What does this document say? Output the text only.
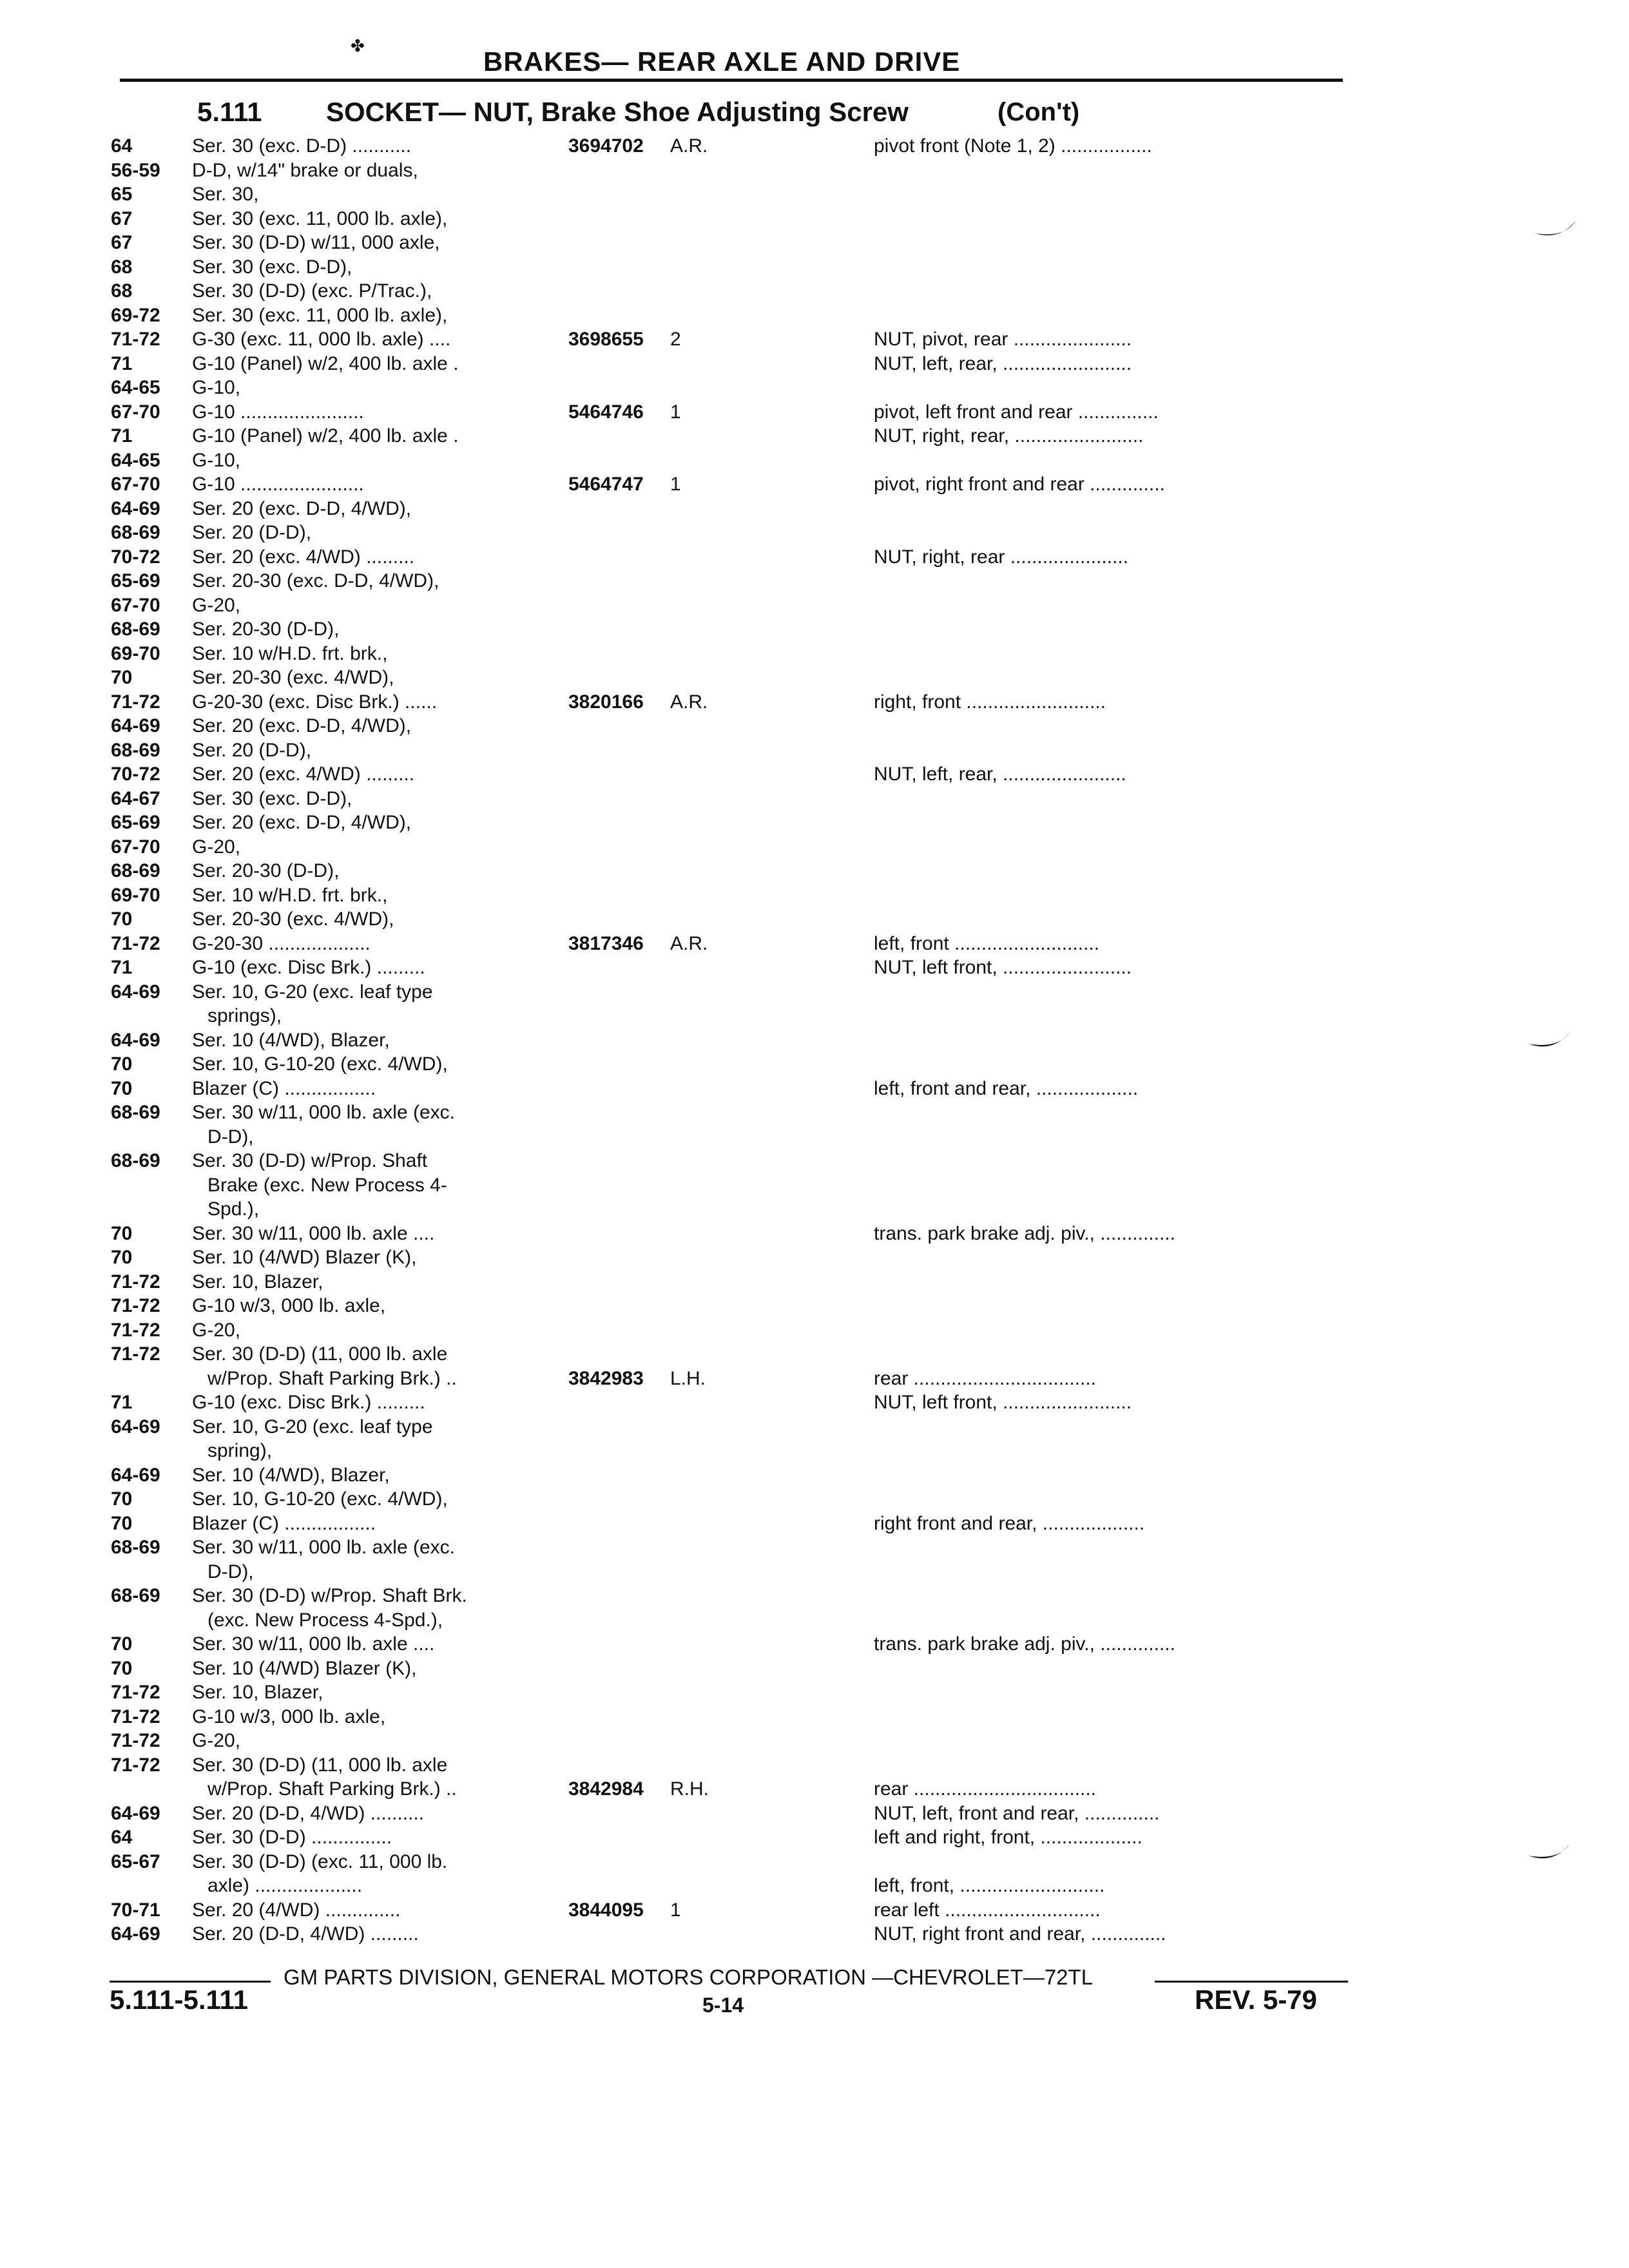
✤
BRAKES— REAR AXLE AND DRIVE
5.111 SOCKET— NUT, Brake Shoe Adjusting Screw	(Con't)
64	Ser. 30 (exc. D-D) ...........	3694702 A.R.	pivot front (Note 1, 2) .................
56-59	D-D, w/14" brake or duals,
65	Ser. 30,
67	Ser. 30 (exc. 11, 000 lb. axle),
67	Ser. 30 (D-D) w/11, 000 axle,
68	Ser. 30 (exc. D-D),
68	Ser. 30 (D-D) (exc. P/Trac.),
69-72	Ser. 30 (exc. 11, 000 lb. axle),
71-72	G-30 (exc. 11, 000 lb. axle) ....	3698655 2	NUT, pivot, rear ......................
71	G-10 (Panel) w/2, 400 lb. axle .	NUT, left, rear, ........................
64-65	G-10,
67-70	G-10 .......................	5464746 1	pivot, left front and rear ...............
71	G-10 (Panel) w/2, 400 lb. axle .	NUT, right, rear, ........................
64-65	G-10,
67-70	G-10 .......................	5464747 1	pivot, right front and rear ..............
64-69	Ser. 20 (exc. D-D, 4/WD),
68-69	Ser. 20 (D-D),
70-72	Ser. 20 (exc. 4/WD) .........	NUT, right, rear ......................
65-69	Ser. 20-30 (exc. D-D, 4/WD),
67-70	G-20,
68-69	Ser. 20-30 (D-D),
69-70	Ser. 10 w/H.D. frt. brk.,
70	Ser. 20-30 (exc. 4/WD),
71-72	G-20-30 (exc. Disc Brk.) ......	3820166 A.R.	right, front ..........................
64-69	Ser. 20 (exc. D-D, 4/WD),
68-69	Ser. 20 (D-D),
70-72	Ser. 20 (exc. 4/WD) .........	NUT, left, rear, .......................
64-67	Ser. 30 (exc. D-D),
65-69	Ser. 20 (exc. D-D, 4/WD),
67-70	G-20,
68-69	Ser. 20-30 (D-D),
69-70	Ser. 10 w/H.D. frt. brk.,
70	Ser. 20-30 (exc. 4/WD),
71-72	G-20-30 ...................	3817346 A.R.	left, front ...........................
71	G-10 (exc. Disc Brk.) .........	NUT, left front, ........................
64-69	Ser. 10, G-20 (exc. leaf type
springs),
64-69	Ser. 10 (4/WD), Blazer,
70	Ser. 10, G-10-20 (exc. 4/WD),
70	Blazer (C) .................	left, front and rear, ...................
68-69	Ser. 30 w/11, 000 lb. axle (exc.
D-D),
68-69	Ser. 30 (D-D) w/Prop. Shaft
Brake (exc. New Process 4-
Spd.),
70	Ser. 30 w/11, 000 lb. axle ....	trans. park brake adj. piv., ..............
70	Ser. 10 (4/WD) Blazer (K),
71-72	Ser. 10, Blazer,
71-72	G-10 w/3, 000 lb. axle,
71-72	G-20,
71-72	Ser. 30 (D-D) (11, 000 lb. axle
w/Prop. Shaft Parking Brk.) ..	3842983 L.H.	rear ..................................
71	G-10 (exc. Disc Brk.) .........	NUT, left front, ........................
64-69	Ser. 10, G-20 (exc. leaf type
spring),
64-69	Ser. 10 (4/WD), Blazer,
70	Ser. 10, G-10-20 (exc. 4/WD),
70	Blazer (C) .................	right front and rear, ...................
68-69	Ser. 30 w/11, 000 lb. axle (exc.
D-D),
68-69	Ser. 30 (D-D) w/Prop. Shaft Brk.
(exc. New Process 4-Spd.),
70	Ser. 30 w/11, 000 lb. axle ....	trans. park brake adj. piv., ..............
70	Ser. 10 (4/WD) Blazer (K),
71-72	Ser. 10, Blazer,
71-72	G-10 w/3, 000 lb. axle,
71-72	G-20,
71-72	Ser. 30 (D-D) (11, 000 lb. axle
w/Prop. Shaft Parking Brk.) ..	3842984 R.H.	rear ..................................
64-69	Ser. 20 (D-D, 4/WD) ..........	NUT, left, front and rear, ..............
64	Ser. 30 (D-D) ...............	left and right, front, ...................
65-67	Ser. 30 (D-D) (exc. 11, 000 lb.
axle) ....................	left, front, ...........................
70-71	Ser. 20 (4/WD) ..............	3844095 1	rear left .............................
64-69	Ser. 20 (D-D, 4/WD) .........	NUT, right front and rear, ..............
GM PARTS DIVISION, GENERAL MOTORS CORPORATION —CHEVROLET—72TL
5.111-5.111	5-14	REV. 5-79
